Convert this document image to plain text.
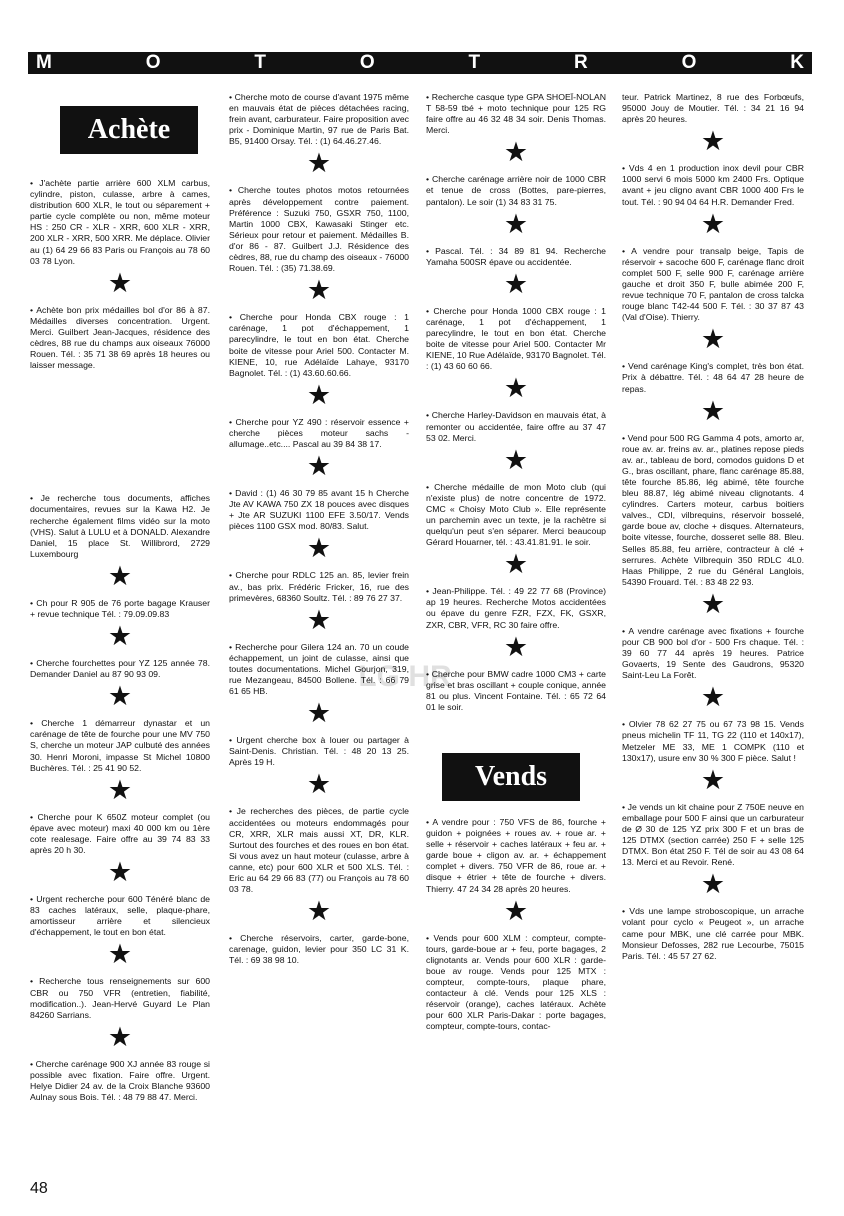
M	O	T	O	T	R	O	K
Achète

• J'achète partie arrière 600 XLM carbus, cylindre, piston, culasse, arbre à cames, distribution 600 XLR, le tout ou séparement + partie cycle complète ou non, même moteur HS : 250 CR - XLR - XRR, 600 XLR - XRR, 200 XLR - XRR, 500 XRR. Me déplace. Olivier au (1) 64 29 66 83 Paris ou François au 78 60 03 78 Lyon.

★

• Achète bon prix médailles bol d'or 86 à 87. Médailles diverses concentration. Urgent. Merci. Guilbert Jean-Jacques, résidence des cèdres, 88 rue du champs aux oiseaux 76000 Rouen. Tél. : 35 71 38 69 après 18 heures ou laisser message.

• Je recherche tous documents, affiches documentaires, revues sur la Kawa H2. Je recherche également films vidéo sur la moto (VHS). Salut à LULU et à DONALD. Alexandre Daniel, 15 place St. Willibrord, 2729 Luxembourg

★

• Ch pour R 905 de 76 porte bagage Krauser + revue technique Tél. : 79.09.09.83

★

• Cherche fourchettes pour YZ 125 année 78. Demander Daniel au 87 90 93 09.

★

• Cherche 1 démarreur dynastar et un carénage de tête de fourche pour une MV 750 S, cherche un moteur JAP culbuté des années 30. Henri Moroni, impasse St Michel 10800 Buchères. Tél. : 25 41 90 52.

★

• Cherche pour K 650Z moteur complet (ou épave avec moteur) maxi 40 000 km ou 1ère cote realesage. Faire offre au 39 74 83 33 après 20 h 30.

★

• Urgent recherche pour 600 Ténéré blanc de 83 caches latéraux, selle, plaque-phare, amortisseur arrière et silencieux d'échappement, le tout en bon état.

★

• Recherche tous renseignements sur 600 CBR ou 750 VFR (entretien, fiabilité, modification..). Jean-Hervé Guyard Le Plan 84260 Sarrians.

★

• Cherche carénage 900 XJ année 83 rouge si possible avec fixation. Faire offre. Urgent. Helye Didier 24 av. de la Croix Blanche 93600 Aulnay sous Bois. Tél. : 48 79 88 47. Merci.

• Cherche moto de course d'avant 1975 même en mauvais état de pièces détachées racing, frein avant, carburateur. Faire proposition avec prix - Dominique Martin, 97 rue de Paris Bat. B5, 91400 Orsay. Tél. : (1) 64.46.27.46.

★

• Cherche toutes photos motos retournées après développement contre paiement. Préférence : Suzuki 750, GSXR 750, 1100, Martin 1000 CBX, Kawasaki Stinger etc. Sérieux pour retour et paiement. Médailles B. d'or 86 - 87. Guilbert J.J. Résidence des cèdres, 88, rue du champ des oiseaux - 76000 Rouen. Tél. : (35) 71.38.69.

★

• Cherche pour Honda CBX rouge : 1 carénage, 1 pot d'échappement, 1 parecylindre, le tout en bon état. Cherche boite de vitesse pour Ariel 500. Contacter M. KIENE, 10, rue Adélaïde Lahaye, 93170 Bagnolet. Tél. : (1) 43.60.60.66.

★

• Cherche pour YZ 490 : réservoir essence + cherche pièces moteur sachs - allumage..etc.... Pascal au 39 84 38 17.

★

• David : (1) 46 30 79 85 avant 15 h Cherche Jte AV KAWA 750 ZX 18 pouces avec disques + Jte AR SUZUKI 1100 EFE 3.50/17. Vends pièces 1100 GSX mod. 80/83. Salut.

★

• Cherche pour RDLC 125 an. 85, levier frein av., bas prix. Frédéric Fricker, 16, rue des primevères, 68360 Soultz. Tél. : 89 76 27 37.

★

• Recherche pour Gilera 124 an. 70 un coude échappement, un joint de culasse, ainsi que toutes documentations. Michel Gourjon, 319, rue Mezangeau, 84500 Bollene. Tél. : 66 79 61 65 HB.

★

• Urgent cherche box à louer ou partager à Saint-Denis. Christian. Tél. : 48 20 13 25. Après 19 H.

★

• Je recherches des pièces, de partie cycle accidentées ou moteurs endommagés pour CR, XRR, XLR mais aussi XT, DR, KLR. Surtout des fourches et des roues en bon état. Si vous avez un haut moteur (culasse, arbre à canne, etc) pour 600 XLR et 500 XLS. Tél. : Eric au 64 29 66 83 (77) ou François au 78 60 03 78.

★

• Cherche réservoirs, carter, garde-bone, carenage, guidon, levier pour 350 LC 31 K. Tél. : 69 38 98 10.

• Recherche casque type GPA SHOEÏ-NOLAN T 58-59 tbé + moto technique pour 125 RG faire offre au 46 32 48 34 soir. Denis Thomas. Merci.

★

• Cherche carénage arrière noir de 1000 CBR et tenue de cross (Bottes, pare-pierres, pantalon). Le soir (1) 34 83 31 75.

★

• Pascal. Tél. : 34 89 81 94. Recherche Yamaha 500SR épave ou accidentée.

★

• Cherche pour Honda 1000 CBX rouge : 1 carénage, 1 pot d'échappement, 1 parecylindre, le tout en bon état. Cherche boite de vitesse pour Ariel 500. Contacter Mr KIENE, 10 Rue Adélaïde, 93170 Bagnolet. Tél. : (1) 43 60 60 66.

★

• Cherche Harley-Davidson en mauvais état, à remonter ou accidentée, faire offre au 37 47 53 02. Merci.

★

• Cherche médaille de mon Moto club (qui n'existe plus) de notre concentre de 1972. CMC « Choisy Moto Club ». Elle représente un parchemin avec un texte, je la rachètre si quelqu'un peut s'en séparer. Merci beaucoup Gérard Houarner, tél. : 43.41.81.91. le soir.

★

• Jean-Philippe. Tél. : 49 22 77 68 (Province) ap 19 heures. Recherche Motos accidentées ou épave du genre FZR, FZX, FK, GSXR, ZXR, CBR, VFR, RC 30 faire offre.

★

• Cherche pour BMW cadre 1000 CM3 + carte grise et bras oscillant + couple conique, année 81 ou plus. Vincent Fontaine. Tél. : 65 72 64 01 le soir.

Vends

• A vendre pour : 750 VFS de 86, fourche + guidon + poignées + roues av. + roue ar. + selle + réservoir + caches latéraux + feu ar. + garde boue + cligon av. ar. + échappement complet + divers. 750 VFR de 86, roue ar. + disque + étrier + tête de fourche + divers. Thierry. 47 24 34 28 après 20 heures.

★

• Vends pour 600 XLM : compteur, compte-tours, garde-boue ar + feu, porte bagages, 2 clignotants ar. Vends pour 600 XLR : garde-boue av rouge. Vends pour 125 MTX : compteur, compte-tours, plaque phare, contacteur à clé. Vends pour 125 XLS : réservoir (orange), caches latéraux. Achète pour 600 XLR Paris-Dakar : porte bagages, compteur, compte-tours, contac-

teur. Patrick Martinez, 8 rue des Forbœufs, 95000 Jouy de Moutier. Tél. : 34 21 16 94 après 20 heures.

★

• Vds 4 en 1 production inox devil pour CBR 1000 servi 6 mois 5000 km 2400 Frs. Optique avant + jeu cligno avant CBR 1000 400 Frs le tout. Tél. : 90 94 04 64 H.R. Demander Fred.

★

• A vendre pour transalp beige, Tapis de réservoir + sacoche 600 F, carénage flanc droit complet 500 F, selle 900 F, carénage arrière gauche et droit 350 F, bulle abimée 200 F, revue technique 70 F, pantalon de cross talcka rouge blanc T42-44 500 F. Tél. : 30 37 87 43 (Val d'Oise). Thierry.

★

• Vend carénage King's complet, très bon état. Prix à débattre. Tél. : 48 64 47 28 heure de repas.

★

• Vend pour 500 RG Gamma 4 pots, amorto ar, roue av. ar. freins av. ar., platines repose pieds av. ar., tableau de bord, comodos guidons D et G., bras oscillant, phare, flanc carénage 85.88, tête fourche 85.86, lég abimé, tête fourche bleu 88.87, lég abimé niveau clignotants. 4 cylindres. Carters moteur, carbus boitiers valves., CDI, vilbrequins, réservoir bosselé, garde boue av, cloche + disques. Alternateurs, boite vitesse, fourche, dosseret selle 88. Bleu. Selles 85.88, feu arrière, contracteur à clé + serrures. Achète Vilbrequin 350 RDLC 4L0. Haas Philippe, 2 rue du Général Langlois, 54390 Frouard. Tél. : 83 48 22 93.

★

• A vendre carénage avec fixations + fourche pour CB 900 bol d'or - 500 Frs chaque. Tél. : 39 60 77 44 après 19 heures. Patrice Govaerts, 19 Sente des Gaudrons, 95320 Saint-Leu La Forêt.

★

• Olvier 78 62 27 75 ou 67 73 98 15. Vends pneus michelin TF 11, TG 22 (110 et 140x17), Metzeler ME 33, ME 1 COMPK (110 et 130x17), usure env 30 % 300 F pièce. Salut !

★

• Je vends un kit chaine pour Z 750E neuve en emballage pour 500 F ainsi que un carburateur de Ø 30 de 125 YZ prix 300 F et un bras de 125 DTMX (section carrée) 250 F + selle 125 DTMX. Bon état 250 F. Tél de soir au 43 08 64 13. Merci et au Revoir. René.

★

• Vds une lampe stroboscopique, un arrache volant pour cyclo « Peugeot », un arrache came pour MBK, une clé carrée pour MBK. Monsieur Defosses, 282 rue Lecourbe, 75015 Paris. Tél. : 45 57 27 62.

LG HR
48
